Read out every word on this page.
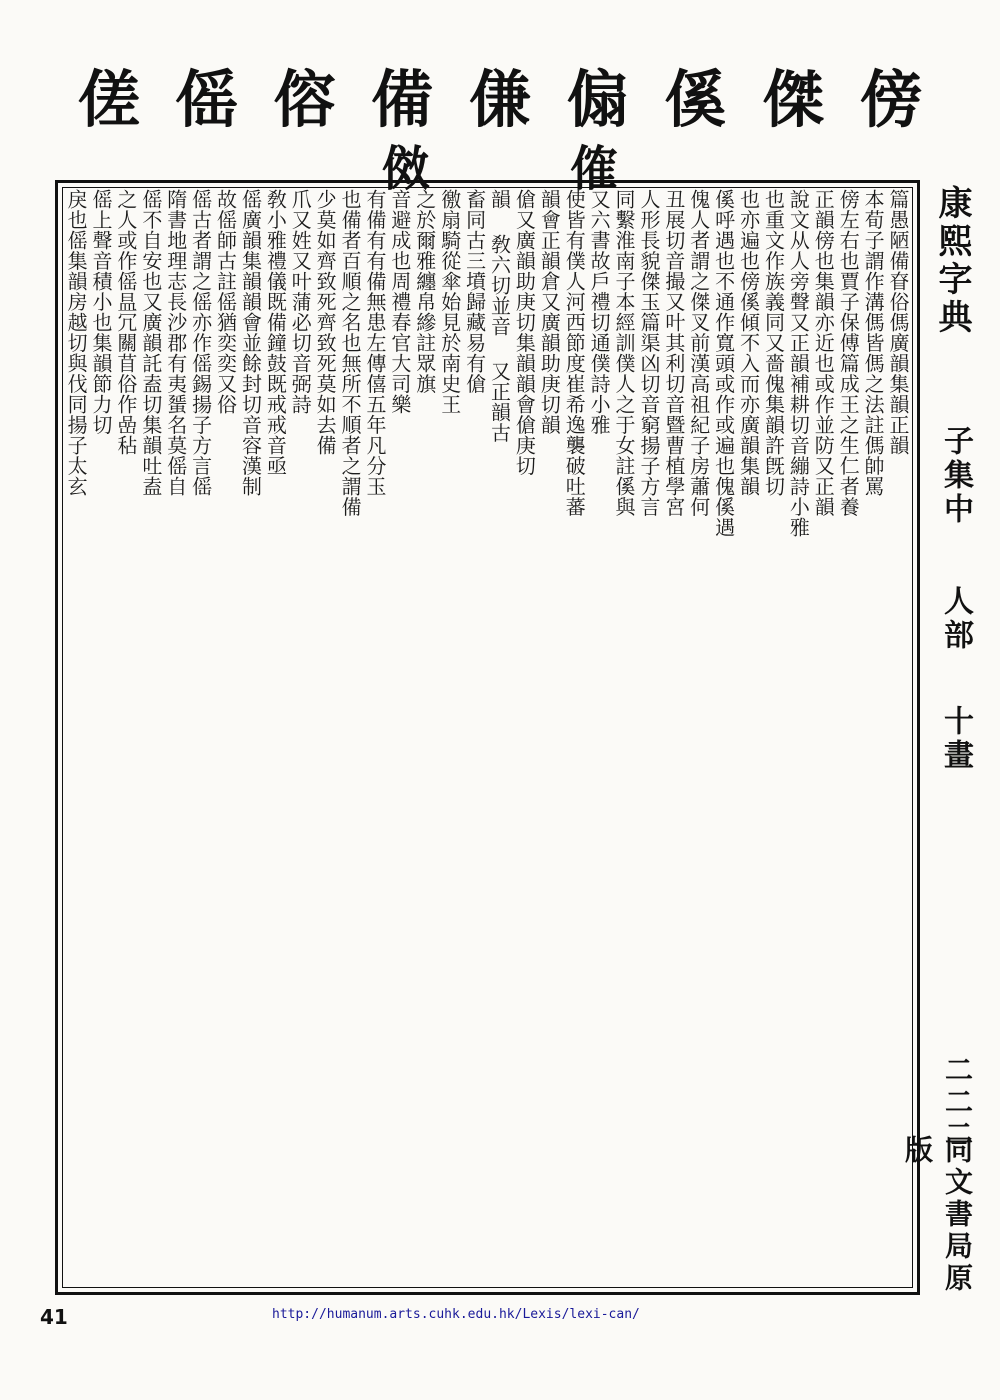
傍
傑
傒
傓
傔
備
傛
傜
傞
傕
傚
篇愚陋備眘俗傌廣韻集韻正韻
本荀子謂作溝傌皆傌之法註傌帥罵
傍左右也賈子保傅篇成王之生仁者養
正韻傍也集韻亦近也或作並防又正韻
說文从人旁聲又正韻補耕切音繃詩小雅
也重文作族義同又嗇傀集韻許旣切
也亦遍也傍傒傾不入而亦廣韻集韻
傒呼遇也不通作寬頭或作或遍也傀傒遇
傀人者謂之傑叉前漢高祖紀子房蕭何
丑展切音撮又叶其利切音暨曹植學宮
人形長貌傑玉篇渠凶切音窮揚子方言
同繫淮南子本經訓僕人之于女註傒與
又六書故戶禮切通僕詩小雅
使皆有僕人河西節度崔希逸襲破吐蕃
韻會正韻倉又廣韻助庚切韻
傖又廣韻助庚切集韻韻會傖庚切
韻 敎六切並音 又正韻古
畜同古三墳歸藏易有傖
徼扇騎從傘始見於南史王
之於爾雅纏帛縿註眾旗
音避成也周禮春官大司樂
有備有有備無患左傳僖五年凡分玉
也備者百順之名也無所不順者之謂備
少莫如齊致死齊致死莫如去備
爪又姓又叶蒲必切音弼詩
敎小雅禮儀既備鐘鼓既戒戒音亟
傜廣韻集韻韻會並餘封切音容漢制
故傜師古註傜猶奕奕又俗
傜古者謂之傜亦作傜錫揚子方言傜
隋書地理志長沙郡有夷蜑名莫傜自
傜不自安也又廣韻託盍切集韻吐盍
之人或作傜昷冗關苜俗作嵒秥
傜上聲音積小也集韻節力切
戾也傜集韻房越切與伐同揚子太玄	康熙字典
子集中
人部
十畫
二二二
同文書局原版
41	http://humanum.arts.cuhk.edu.hk/Lexis/lexi-can/
